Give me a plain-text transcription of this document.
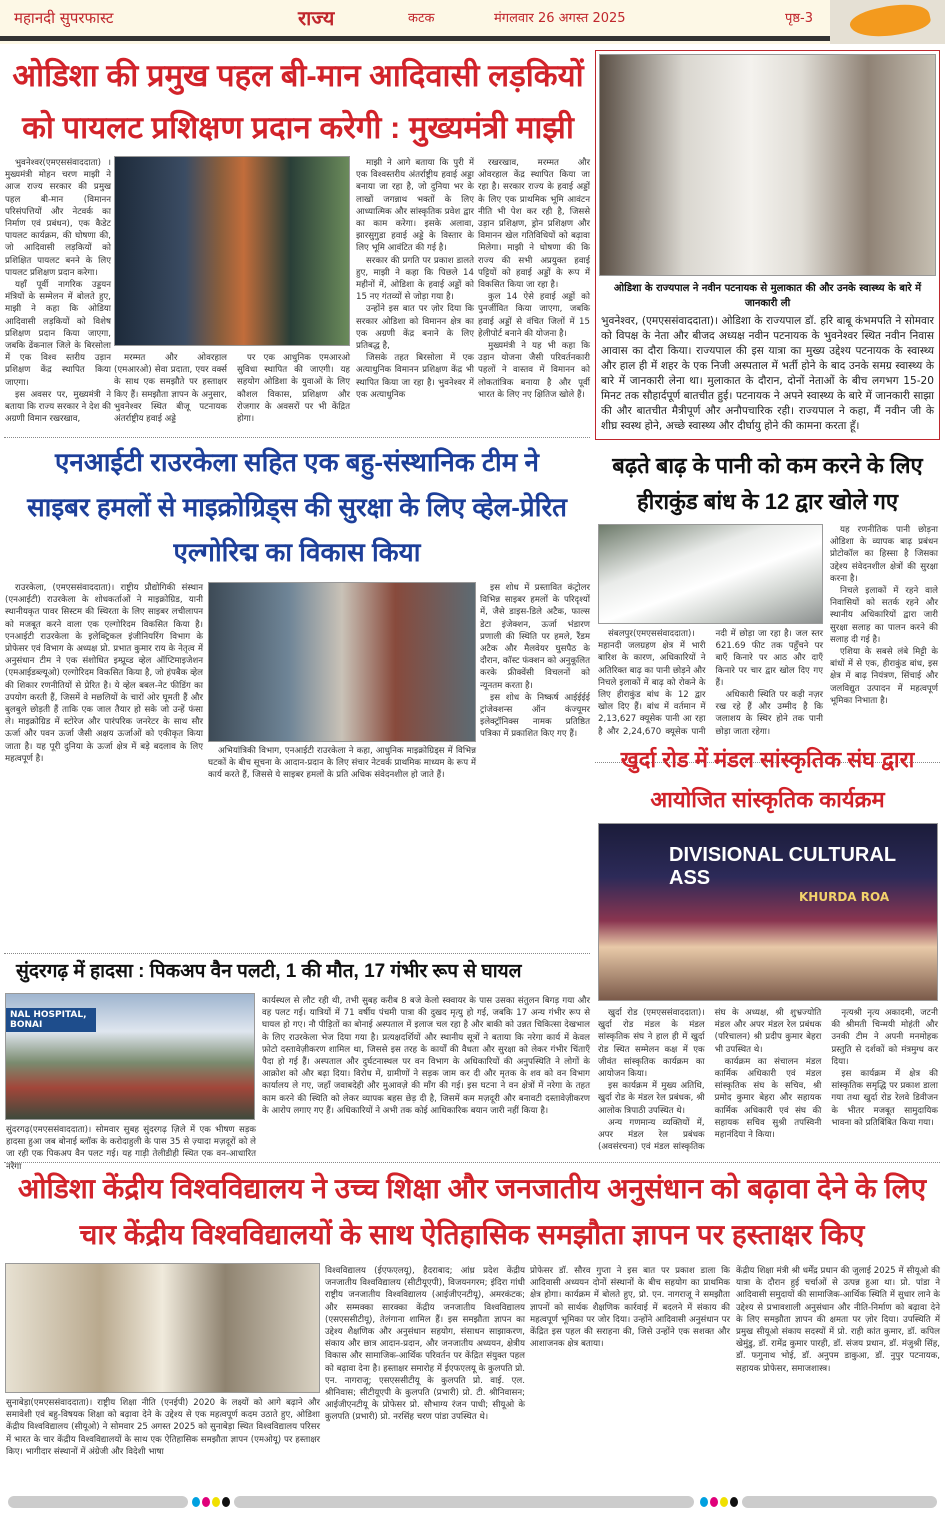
महानदी सुपरफास्ट	राज्य	कटक	मंगलवार 26 अगस्त 2025	पृष्ठ-3
ओडिशा की प्रमुख पहल बी-मान आदिवासी लड़कियों को पायलट प्रशिक्षण प्रदान करेगी : मुख्यमंत्री माझी

भुवनेश्वर(एमएससंवाददाता) । मुख्यमंत्री मोहन चरण माझी ने आज राज्य सरकार की प्रमुख पहल बी-मान (विमानन परिसंपत्तियों और नेटवर्क का निर्माण एवं प्रबंधन), एक कैडेट पायलट कार्यक्रम, की घोषणा की, जो आदिवासी लड़कियों को प्रशिक्षित पायलट बनने के लिए पायलट प्रशिक्षण प्रदान करेगा।

यहाँ पूर्वी नागरिक उड्डयन मंत्रियों के सम्मेलन में बोलते हुए, माझी ने कहा कि ओडिया आदिवासी लड़कियों को विशेष प्रशिक्षण प्रदान किया जाएगा, जबकि ढेंकनाल जिले के बिरसोला में एक विश्व स्तरीय उड़ान प्रशिक्षण केंद्र स्थापित किया जाएगा।

इस अवसर पर, मुख्यमंत्री ने बताया कि राज्य सरकार ने देश की अग्रणी विमान रखरखाव,

मरम्मत और ओवरहाल (एमआरओ) सेवा प्रदाता, एयर वर्क्स के साथ एक समझौते पर हस्ताक्षर किए हैं। समझौता ज्ञापन के अनुसार, भुवनेश्वर स्थित बीजू पटनायक अंतर्राष्ट्रीय हवाई अड्डे

पर एक आधुनिक एमआरओ सुविधा स्थापित की जाएगी। यह सहयोग ओडिशा के युवाओं के लिए कौशल विकास, प्रशिक्षण और रोजगार के अवसरों पर भी केंद्रित होगा।

माझी ने आगे बताया कि पुरी में एक विश्वस्तरीय अंतर्राष्ट्रीय हवाई अड्डा बनाया जा रहा है, जो दुनिया भर के लाखों जगन्नाथ भक्तों के लिए आध्यात्मिक और सांस्कृतिक प्रवेश द्वार का काम करेगा। इसके अलावा, झारसुगुडा हवाई अड्डे के विस्तार के लिए भूमि आवंटित की गई है।

सरकार की प्रगति पर प्रकाश डालते हुए, माझी ने कहा कि पिछले 14 महीनों में, ओडिशा के हवाई अड्डों को 15 नए गंतव्यों से जोड़ा गया है।

उन्होंने इस बात पर ज़ोर दिया कि सरकार ओडिशा को विमानन क्षेत्र का एक अग्रणी केंद्र बनाने के लिए प्रतिबद्ध है,

जिसके तहत बिरसोला में एक अत्याधुनिक विमानन प्रशिक्षण केंद्र भी स्थापित किया जा रहा है। भुवनेश्वर में एक अत्याधुनिक

रखरखाव, मरम्मत और ओवरहाल केंद्र स्थापित किया जा रहा है। सरकार राज्य के हवाई अड्डों के लिए एक प्राथमिक भूमि आवंटन नीति भी पेश कर रही है, जिससे उड़ान प्रशिक्षण, ड्रोन प्रशिक्षण और विमानन खेल गतिविधियों को बढ़ावा मिलेगा। माझी ने घोषणा की कि राज्य की सभी अप्रयुक्त हवाई पट्टियों को हवाई अड्डों के रूप में विकसित किया जा रहा है।

कुल 14 ऐसे हवाई अड्डों को पुनर्जीवित किया जाएगा, जबकि हवाई अड्डों से वंचित जिलों में 15 हेलीपोर्ट बनाने की योजना है।

मुख्यमंत्री ने यह भी कहा कि उड़ान योजना जैसी परिवर्तनकारी पहलों ने वास्तव में विमानन को लोकतांत्रिक बनाया है और पूर्वी भारत के लिए नए क्षितिज खोले हैं।

ओडिशा के राज्यपाल ने नवीन पटनायक से मुलाकात की और उनके स्वास्थ्य के बारे में जानकारी ली
भुवनेश्वर, (एमएससंवाददाता)। ओडिशा के राज्यपाल डॉ. हरि बाबू कंभमपति ने सोमवार को विपक्ष के नेता और बीजद अध्यक्ष नवीन पटनायक के भुवनेश्वर स्थित नवीन निवास आवास का दौरा किया। राज्यपाल की इस यात्रा का मुख्य उद्देश्य पटनायक के स्वास्थ्य और हाल ही में शहर के एक निजी अस्पताल में भर्ती होने के बाद उनके समग्र स्वास्थ्य के बारे में जानकारी लेना था। मुलाकात के दौरान, दोनों नेताओं के बीच लगभग 15-20 मिनट तक सौहार्दपूर्ण बातचीत हुई। पटनायक ने अपने स्वास्थ्य के बारे में जानकारी साझा की और बातचीत मैत्रीपूर्ण और अनौपचारिक रही। राज्यपाल ने कहा, मैं नवीन जी के शीघ्र स्वस्थ होने, अच्छे स्वास्थ्य और दीर्घायु होने की कामना करता हूँ।
एनआईटी राउरकेला सहित एक बहु-संस्थानिक टीम ने साइबर हमलों से माइक्रोग्रिड्स की सुरक्षा के लिए व्हेल-प्रेरित एल्गोरिद्म का विकास किया

राउरकेला, (एमएससंवाददाता)। राष्ट्रीय प्रौद्योगिकी संस्थान (एनआईटी) राउरकेला के शोधकर्ताओं ने माइक्रोग्रिड, यानी स्थानीयकृत पावर सिस्टम की स्थिरता के लिए साइबर लचीलापन को मजबूत करने वाला एक एल्गोरिदम विकसित किया है। एनआईटी राउरकेला के इलेक्ट्रिकल इंजीनियरिंग विभाग के प्रोफेसर एवं विभाग के अध्यक्ष प्रो. प्रभात कुमार राय के नेतृत्व में अनुसंधान टीम ने एक संशोधित इम्प्रूव्ड व्हेल ऑप्टिमाइजेशन (एमआईडब्ल्यूओ) एल्गोरिदम विकसित किया है, जो हंपबैक व्हेल की शिकार रणनीतियों से प्रेरित है। ये व्हेल बबल-नेट फीडिंग का उपयोग करती हैं, जिसमें वे मछलियों के चारों ओर घूमती हैं और बुलबुले छोड़ती हैं ताकि एक जाल तैयार हो सके जो उन्हें फंसा ले। माइक्रोग्रिड में स्टोरेज और पारंपरिक जनरेटर के साथ सौर ऊर्जा और पवन ऊर्जा जैसी अक्षय ऊर्जाओं को एकीकृत किया जाता है। यह पूरी दुनिया के ऊर्जा क्षेत्र में बड़े बदलाव के लिए महत्वपूर्ण है।

अभियांत्रिकी विभाग, एनआईटी राउरकेला ने कहा, आधुनिक माइक्रोग्रिड्स में विभिन्न घटकों के बीच सूचना के आदान-प्रदान के लिए संचार नेटवर्क प्राथमिक माध्यम के रूप में कार्य करते हैं, जिससे ये साइबर हमलों के प्रति अधिक संवेदनशील हो जाते हैं।

इस शोध में प्रस्तावित कंट्रोलर विभिन्न साइबर हमलों के परिदृश्यों में, जैसे डाइस-डिले अटैक, फाल्स डेटा इंजेक्शन, ऊर्जा भंडारण प्रणाली की स्थिति पर हमले, रैंडम अटैक और मैलवेयर घुसपैठ के दौरान, कॉस्ट फंक्शन को अनुकूलित करके फ्रीक्वेंसी विचलनों को न्यूनतम करता है।

इस शोध के निष्कर्ष आईईईई ट्रांजेक्शन्स ऑन कंज्यूमर इलेक्ट्रॉनिक्स नामक प्रतिष्ठित पत्रिका में प्रकाशित किए गए हैं।

बढ़ते बाढ़ के पानी को कम करने के लिए हीराकुंड बांध के 12 द्वार खोले गए

संबलपुर(एमएससंवाददाता)। महानदी जलग्रहण क्षेत्र में भारी बारिश के कारण, अधिकारियों ने अतिरिक्त बाढ़ का पानी छोड़ने और निचले इलाकों में बाढ़ को रोकने के लिए हीराकुंड बांध के 12 द्वार खोल दिए हैं। बांध में वर्तमान में 2,13,627 क्यूसेक पानी आ रहा है और 2,24,670 क्यूसेक पानी नदी में छोड़ा जा रहा है। जल स्तर 621.69 फीट तक पहुँचने पर बाएँ किनारे पर आठ और दाएँ किनारे पर चार द्वार खोल दिए गए हैं।

अधिकारी स्थिति पर कड़ी नज़र रख रहे हैं और उम्मीद है कि जलाशय के स्थिर होने तक पानी छोड़ा जाता रहेगा।

यह रणनीतिक पानी छोड़ना ओडिशा के व्यापक बाढ़ प्रबंधन प्रोटोकॉल का हिस्सा है जिसका उद्देश्य संवेदनशील क्षेत्रों की सुरक्षा करना है।

निचले इलाकों में रहने वाले निवासियों को सतर्क रहने और स्थानीय अधिकारियों द्वारा जारी सुरक्षा सलाह का पालन करने की सलाह दी गई है।

एशिया के सबसे लंबे मिट्टी के बांधों में से एक, हीराकुंड बांध, इस क्षेत्र में बाढ़ नियंत्रण, सिंचाई और जलविद्युत उत्पादन में महत्वपूर्ण भूमिका निभाता है।

खुर्दा रोड में मंडल सांस्कृतिक संघ द्वारा आयोजित सांस्कृतिक कार्यक्रम
DIVISIONAL CULTURAL ASS
KHURDA ROA

खुर्दा रोड (एमएससंवाददाता)। खुर्दा रोड मंडल के मंडल सांस्कृतिक संघ ने हाल ही में खुर्दा रोड स्थित सम्मेलन कक्ष में एक जीवंत सांस्कृतिक कार्यक्रम का आयोजन किया।

इस कार्यक्रम में मुख्य अतिथि, खुर्दा रोड के मंडल रेल प्रबंधक, श्री आलोक त्रिपाठी उपस्थित थे।

अन्य गणमान्य व्यक्तियों में, अपर मंडल रेल प्रबंधक (अवसंरचना) एवं मंडल सांस्कृतिक संघ के अध्यक्ष, श्री शुभ्रज्योति मंडल और अपर मंडल रेल प्रबंधक (परिचालन) श्री प्रदीप कुमार बेहरा भी उपस्थित थे।

कार्यक्रम का संचालन मंडल कार्मिक अधिकारी एवं मंडल सांस्कृतिक संघ के सचिव, श्री प्रमोद कुमार बेहरा और सहायक कार्मिक अधिकारी एवं संघ की सहायक सचिव सुश्री तपस्विनी महानंदिया ने किया।

नृत्यश्री नृत्य अकादमी, जटनी की श्रीमती चिन्मयी मोहंती और उनकी टीम ने अपनी मनमोहक प्रस्तुति से दर्शकों को मंत्रमुग्ध कर दिया।

इस कार्यक्रम में क्षेत्र की सांस्कृतिक समृद्धि पर प्रकाश डाला गया तथा खुर्दा रोड रेलवे डिवीजन के भीतर मजबूत सामुदायिक भावना को प्रतिबिंबित किया गया।

सुंदरगढ़ में हादसा : पिकअप वैन पलटी, 1 की मौत, 17 गंभीर रूप से घायल
NAL HOSPITAL, BONAI
सुंदरगढ़(एमएससंवाददाता)। सोमवार सुबह सुंदरगढ़ ज़िले में एक भीषण सड़क हादसा हुआ जब बोनाई ब्लॉक के करोदाहुली के पास 35 से ज़्यादा मज़दूरों को ले जा रही एक पिकअप वैन पलट गई। यह गाड़ी तेलीडीही स्थित एक वन-आधारित नरेगा
कार्यस्थल से लौट रही थी, तभी सुबह करीब 8 बजे केलो स्क्वायर के पास उसका संतुलन बिगड़ गया और वह पलट गई। यात्रियों में 71 वर्षीय पंचमी पात्रा की दुखद मृत्यु हो गई, जबकि 17 अन्य गंभीर रूप से घायल हो गए। नौ पीड़ितों का बोनाई अस्पताल में इलाज चल रहा है और बाकी को उन्नत चिकित्सा देखभाल के लिए राउरकेला भेज दिया गया है। प्रत्यक्षदर्शियों और स्थानीय सूत्रों ने बताया कि नरेगा कार्य में केवल फ़ोटो दस्तावेज़ीकरण शामिल था, जिससे इस तरह के कार्यों की वैधता और सुरक्षा को लेकर गंभीर चिंताएँ पैदा हो गई हैं। अस्पताल और दुर्घटनास्थल पर वन विभाग के अधिकारियों की अनुपस्थिति ने लोगों के आक्रोश को और बढ़ा दिया। विरोध में, ग्रामीणों ने सड़क जाम कर दी और मृतक के शव को वन विभाग कार्यालय ले गए, जहाँ जवाबदेही और मुआवज़े की माँग की गई। इस घटना ने वन क्षेत्रों में नरेगा के तहत काम करने की स्थिति को लेकर व्यापक बहस छेड़ दी है, जिसमें कम मज़दूरी और बनावटी दस्तावेज़ीकरण के आरोप लगाए गए हैं। अधिकारियों ने अभी तक कोई आधिकारिक बयान जारी नहीं किया है।
ओडिशा केंद्रीय विश्वविद्यालय ने उच्च शिक्षा और जनजातीय अनुसंधान को बढ़ावा देने के लिए चार केंद्रीय विश्वविद्यालयों के साथ ऐतिहासिक समझौता ज्ञापन पर हस्ताक्षर किए
सुनाबेड़ा(एमएससंवाददाता)। राष्ट्रीय शिक्षा नीति (एनईपी) 2020 के लक्ष्यों को आगे बढ़ाने और समावेशी एवं बहु-विषयक शिक्षा को बढ़ावा देने के उद्देश्य से एक महत्वपूर्ण कदम उठाते हुए, ओडिशा केंद्रीय विश्वविद्यालय (सीयूओ) ने सोमवार 25 अगस्त 2025 को सुनाबेड़ा स्थित विश्वविद्यालय परिसर में भारत के चार केंद्रीय विश्वविद्यालयों के साथ एक ऐतिहासिक समझौता ज्ञापन (एमओयू) पर हस्ताक्षर किए। भागीदार संस्थानों में अंग्रेजी और विदेशी भाषा
विश्वविद्यालय (ईएफएलयू), हैदराबाद; आंध्र प्रदेश केंद्रीय जनजातीय विश्वविद्यालय (सीटीयूएपी), विजयनगरम; इंदिरा गांधी राष्ट्रीय जनजातीय विश्वविद्यालय (आईजीएनटीयू), अमरकंटक; और सम्मक्का सारक्का केंद्रीय जनजातीय विश्वविद्यालय (एसएससीटीयू), तेलंगाना शामिल हैं। इस समझौता ज्ञापन का उद्देश्य शैक्षणिक और अनुसंधान सहयोग, संसाधन साझाकरण, संकाय और छात्र आदान-प्रदान, और जनजातीय अध्ययन, क्षेत्रीय विकास और सामाजिक-आर्थिक परिवर्तन पर केंद्रित संयुक्त पहल को बढ़ावा देना है। हस्ताक्षर समारोह में ईएफएलयू के कुलपति प्रो. एन. नागराजू; एसएससीटीयू के कुलपति प्रो. वाई. एल. श्रीनिवास; सीटीयूएपी के कुलपति (प्रभारी) प्रो. टी. श्रीनिवासन; आईजीएनटीयू के प्रोफेसर प्रो. सौभाग्य रंजन पाधी; सीयूओ के कुलपति (प्रभारी) प्रो. नरसिंह चरण पांडा उपस्थित थे।
प्रोफेसर डॉ. सौरव गुप्ता ने इस बात पर प्रकाश डाला कि आदिवासी अध्ययन दोनों संस्थानों के बीच सहयोग का प्राथमिक क्षेत्र होगा। कार्यक्रम में बोलते हुए, प्रो. एन. नागराजू ने समझौता ज्ञापनों को सार्थक शैक्षणिक कार्रवाई में बदलने में संकाय की महत्वपूर्ण भूमिका पर जोर दिया। उन्होंने आदिवासी अनुसंधान पर केंद्रित इस पहल की सराहना की, जिसे उन्होंने एक सशक्त और आशाजनक क्षेत्र बताया।
केंद्रीय शिक्षा मंत्री श्री धर्मेंद्र प्रधान की जुलाई 2025 में सीयूओ की यात्रा के दौरान हुई चर्चाओं से उत्पन्न हुआ था। प्रो. पांडा ने आदिवासी समुदायों की सामाजिक-आर्थिक स्थिति में सुधार लाने के उद्देश्य से प्रभावशाली अनुसंधान और नीति-निर्माण को बढ़ावा देने के लिए समझौता ज्ञापन की क्षमता पर ज़ोर दिया। उपस्थिति में प्रमुख सीयूओ संकाय सदस्यों में प्रो. राही कांत कुमार, डॉ. कपिल खेमुंडु, डॉ. रामेंद्र कुमार पारही, डॉ. संजय प्रधान, डॉ. मंजुश्री सिंह, डॉ. फगुनाथ भोई, डॉ. अनुपम डाकुआ, डॉ. नुपुर पटनायक, सहायक प्रोफेसर, समाजशास्त्र।
